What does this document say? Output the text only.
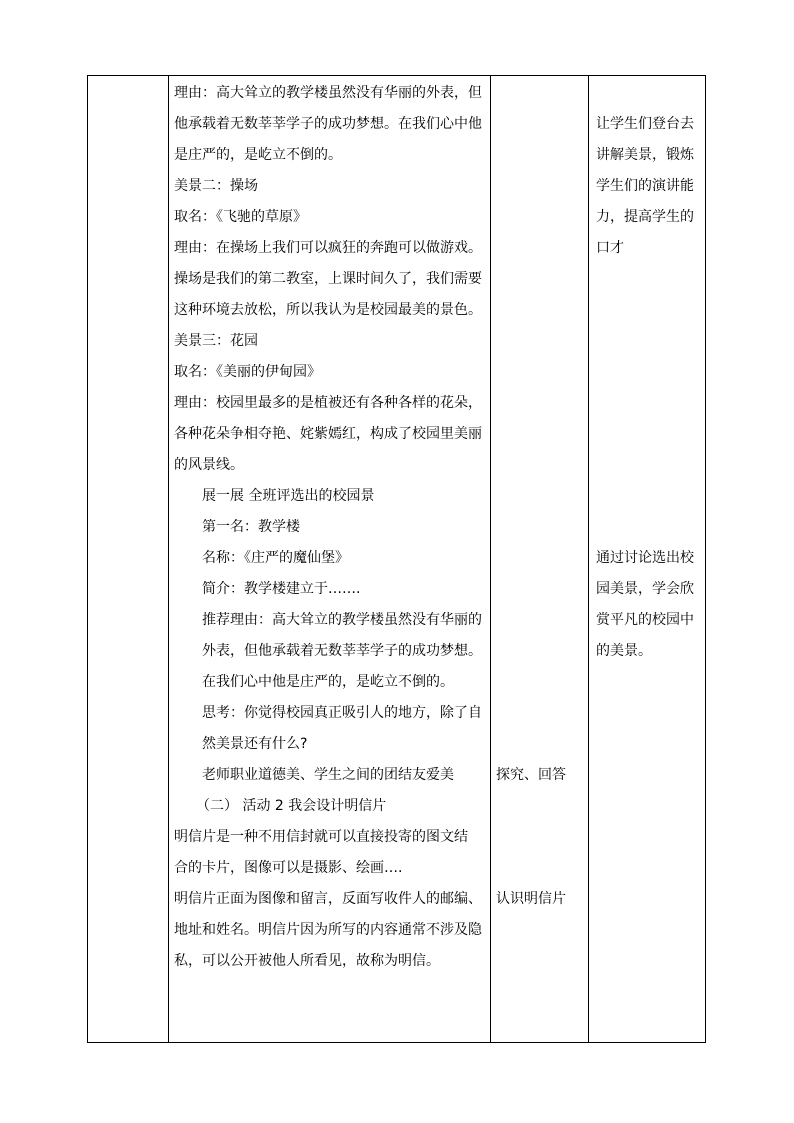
理由：高大耸立的教学楼虽然没有华丽的外表，但
他承载着无数莘莘学子的成功梦想。在我们心中他
是庄严的，是屹立不倒的。
美景二：操场
取名：《飞驰的草原》
理由：在操场上我们可以疯狂的奔跑可以做游戏。
操场是我们的第二教室，上课时间久了，我们需要
这种环境去放松，所以我认为是校园最美的景色。
美景三：花园
取名：《美丽的伊甸园》
理由：校园里最多的是植被还有各种各样的花朵，
各种花朵争相夺艳、姹紫嫣红，构成了校园里美丽
的风景线。
展一展 全班评选出的校园景
第一名：教学楼
名称：《庄严的魔仙堡》
简介：教学楼建立于…….
推荐理由：高大耸立的教学楼虽然没有华丽的
外表，但他承载着无数莘莘学子的成功梦想。
在我们心中他是庄严的，是屹立不倒的。
思考：你觉得校园真正吸引人的地方，除了自
然美景还有什么?
老师职业道德美、学生之间的团结友爱美
（二） 活动 2 我会设计明信片
明信片是一种不用信封就可以直接投寄的图文结
合的卡片，图像可以是摄影、绘画….
明信片正面为图像和留言，反面写收件人的邮编、
地址和姓名。明信片因为所写的内容通常不涉及隐
私，可以公开被他人所看见，故称为明信。
探究、回答
认识明信片
让学生们登台去
讲解美景，锻炼
学生们的演讲能
力，提高学生的
口才
通过讨论选出校
园美景，学会欣
赏平凡的校园中
的美景。
